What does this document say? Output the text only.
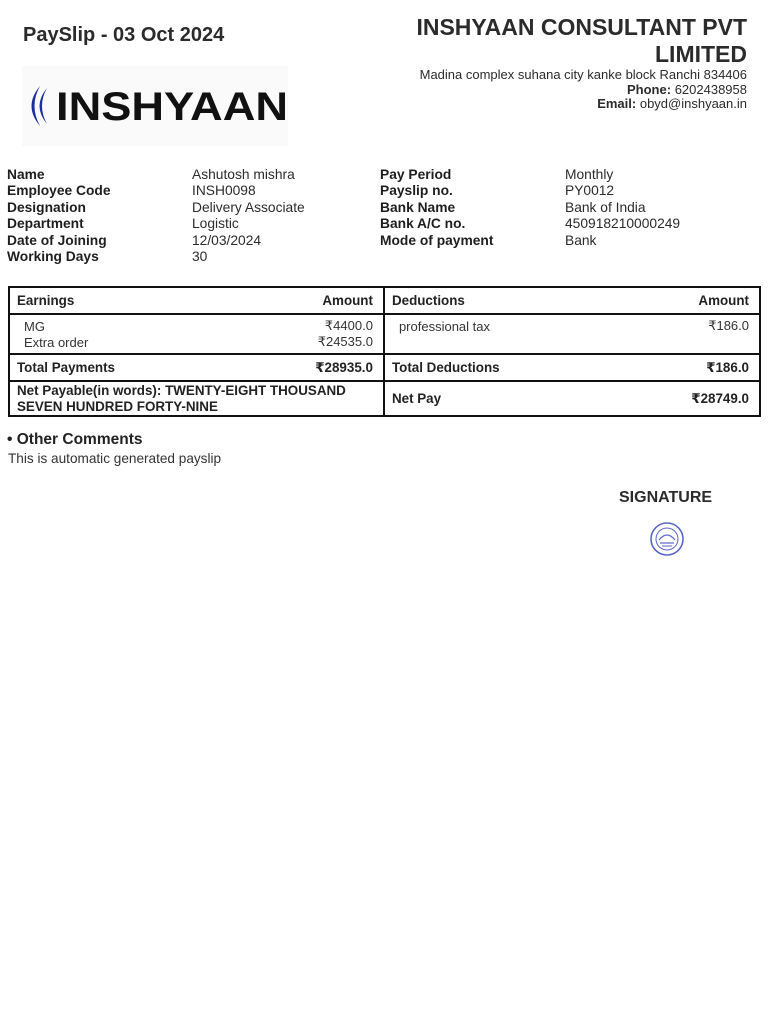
PaySlip - 03 Oct 2024
INSHYAAN
INSHYAAN CONSULTANT PVT
LIMITED
Madina complex suhana city kanke block Ranchi 834406
Phone: 6202438958
Email: obyd@inshyaan.in
Name	Ashutosh mishra	Pay Period	Monthly
Employee Code	INSH0098	Payslip no.	PY0012
Designation	Delivery Associate	Bank Name	Bank of India
Department	Logistic	Bank A/C no.	450918210000249
Date of Joining	12/03/2024	Mode of payment	Bank
Working Days	30
Earnings	Amount	Deductions	Amount

MG	₹4400.0	professional tax	₹186.0
Extra order	₹24535.0		

Total Payments	₹28935.0	Total Deductions	₹186.0

Net Payable(in words): TWENTY-EIGHT THOUSAND
SEVEN HUNDRED FORTY-NINE		Net Pay	₹28749.0
• Other Comments
This is automatic generated payslip
SIGNATURE
